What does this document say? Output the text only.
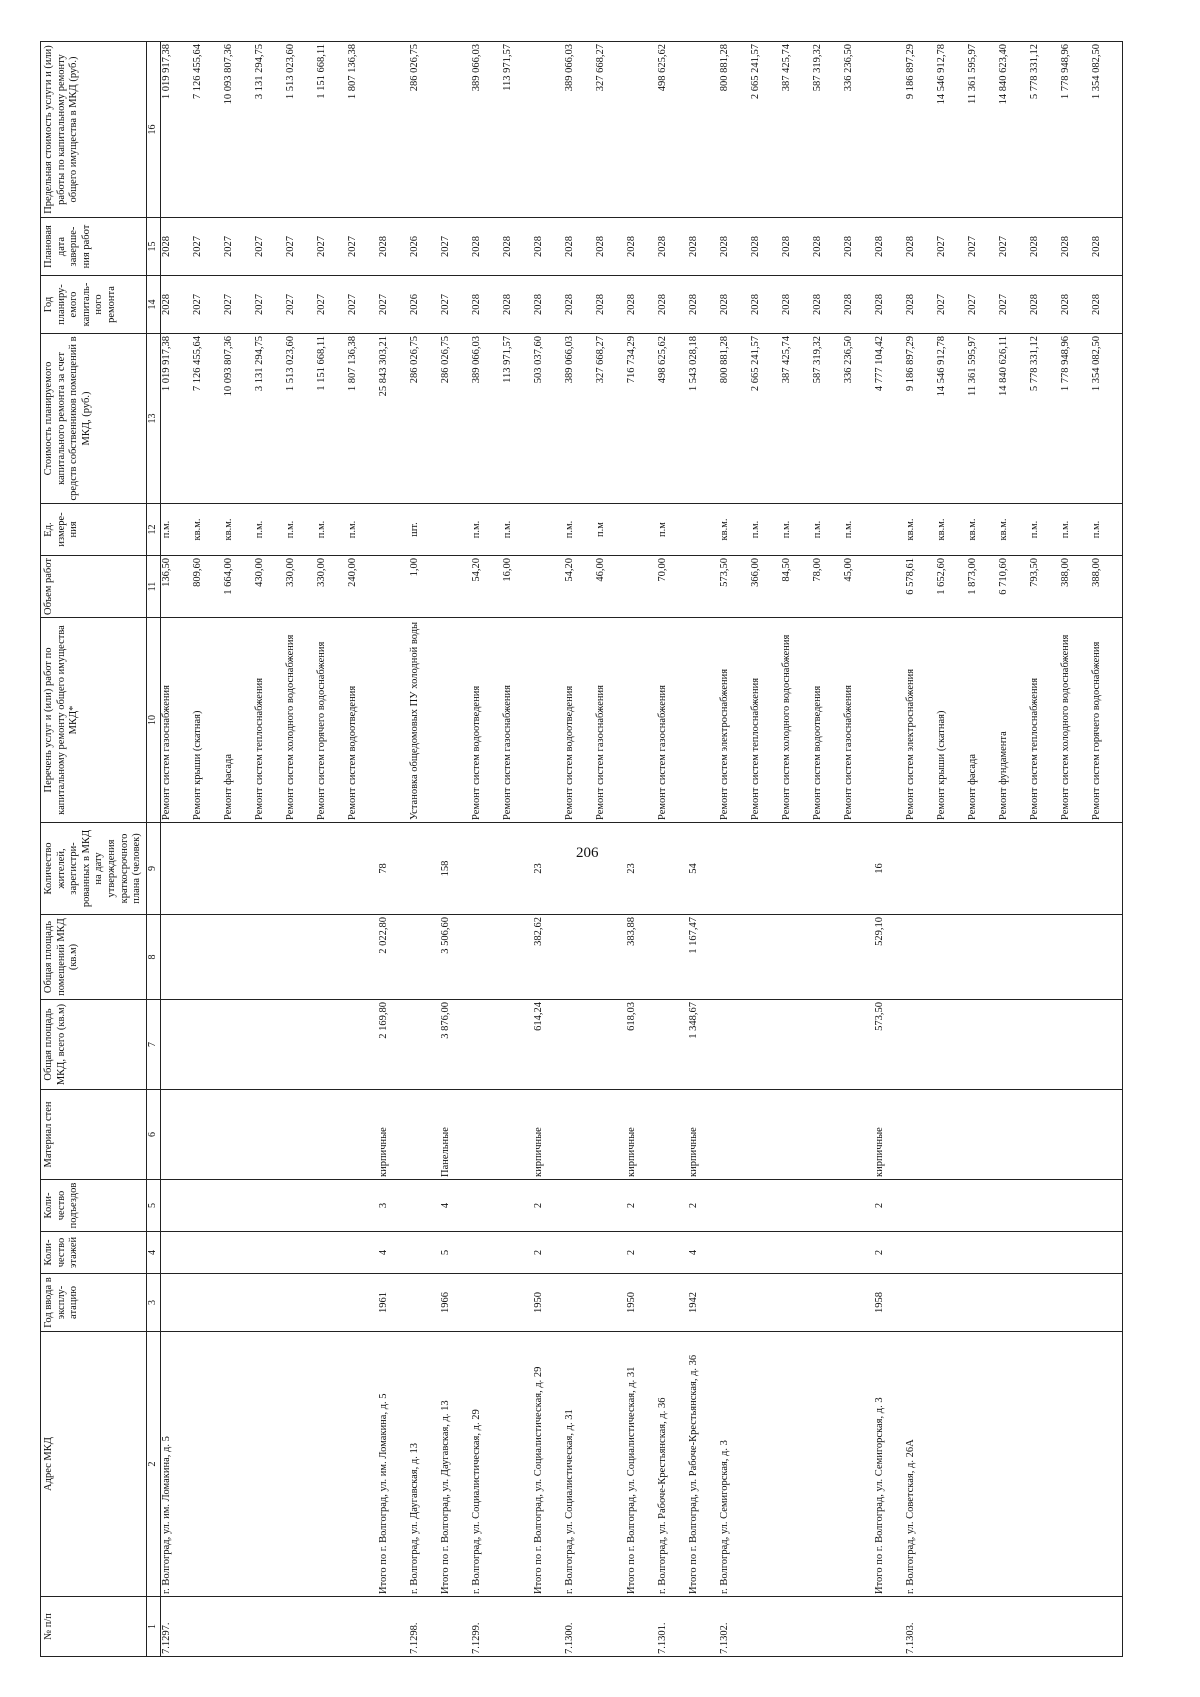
206
№ п/п	Адрес МКД	Год ввода в эксплу-атацию	Коли-чество этажей	Коли-чество подъездов	Материал стен	Общая площадь МКД, всего (кв.м)	Общая площадь помещений МКД (кв.м)	Количество жителей, зарегистри-рованных в МКД на дату утверждения краткосрочного плана (человек)	Перечень услуг и (или) работ по капитальному ремонту общего имущества МКД*	Объем работ	Ед. измере-ния	Стоимость планируемого капитального ремонта за счет средств собственников помещений в МКД, (руб.)	Год планиру-емого капиталь-ного ремонта	Плановая дата заверше-ния работ	Предельная стоимость услуги и (или) работы по капитальному ремонту общего имущества в МКД (руб.)
1	2	3	4	5	6	7	8	9	10	11	12	13	14	15	16
7.1297.	г. Волгоград, ул. им. Ломакина, д. 5								Ремонт систем газоснабжения	136,50	п.м.	1 019 917,38	2028	2028	1 019 917,38
									Ремонт крыши (скатная)	809,60	кв.м.	7 126 455,64	2027	2027	7 126 455,64
									Ремонт фасада	1 664,00	кв.м.	10 093 807,36	2027	2027	10 093 807,36
									Ремонт систем теплоснабжения	430,00	п.м.	3 131 294,75	2027	2027	3 131 294,75
									Ремонт систем холодного водоснабжения	330,00	п.м.	1 513 023,60	2027	2027	1 513 023,60
									Ремонт систем горячего водоснабжения	330,00	п.м.	1 151 668,11	2027	2027	1 151 668,11
									Ремонт систем водоотведения	240,00	п.м.	1 807 136,38	2027	2027	1 807 136,38
	Итого по г. Волгоград, ул. им. Ломакина, д. 5	1961	4	3	кирпичные	2 169,80	2 022,80	78				25 843 303,21	2027	2028	
7.1298.	г. Волгоград, ул. Даугавская, д. 13								Установка общедомовых ПУ холодной воды	1,00	шт.	286 026,75	2026	2026	286 026,75
	Итого по г. Волгоград, ул. Даугавская, д. 13	1966	5	4	Панельные	3 876,00	3 506,60	158				286 026,75	2027	2027	
7.1299.	г. Волгоград, ул. Социалистическая, д. 29								Ремонт систем водоотведения	54,20	п.м.	389 066,03	2028	2028	389 066,03
									Ремонт систем газоснабжения	16,00	п.м.	113 971,57	2028	2028	113 971,57
	Итого по г. Волгоград, ул. Социалистическая, д. 29	1950	2	2	кирпичные	614,24	382,62	23				503 037,60	2028	2028	
7.1300.	г. Волгоград, ул. Социалистическая, д. 31								Ремонт систем водоотведения	54,20	п.м.	389 066,03	2028	2028	389 066,03
									Ремонт систем газоснабжения	46,00	п.м	327 668,27	2028	2028	327 668,27
	Итого по г. Волгоград, ул. Социалистическая, д. 31	1950	2	2	кирпичные	618,03	383,88	23				716 734,29	2028	2028	
7.1301.	г. Волгоград, ул. Рабоче-Крестьянская, д. 36								Ремонт систем газоснабжения	70,00	п.м	498 625,62	2028	2028	498 625,62
	Итого по г. Волгоград, ул. Рабоче-Крестьянская, д. 36	1942	4	2	кирпичные	1 348,67	1 167,47	54				1 543 028,18	2028	2028	
7.1302.	г. Волгоград, ул. Семигорская, д. 3								Ремонт систем электроснабжения	573,50	кв.м.	800 881,28	2028	2028	800 881,28
									Ремонт систем теплоснабжения	366,00	п.м.	2 665 241,57	2028	2028	2 665 241,57
									Ремонт систем холодного водоснабжения	84,50	п.м.	387 425,74	2028	2028	387 425,74
									Ремонт систем водоотведения	78,00	п.м.	587 319,32	2028	2028	587 319,32
									Ремонт систем газоснабжения	45,00	п.м.	336 236,50	2028	2028	336 236,50
	Итого по г. Волгоград, ул. Семигорская, д. 3	1958	2	2	кирпичные	573,50	529,10	16				4 777 104,42	2028	2028	
7.1303.	г. Волгоград, ул. Советская, д. 26А								Ремонт систем электроснабжения	6 578,61	кв.м.	9 186 897,29	2028	2028	9 186 897,29
									Ремонт крыши (скатная)	1 652,60	кв.м.	14 546 912,78	2027	2027	14 546 912,78
									Ремонт фасада	1 873,00	кв.м.	11 361 595,97	2027	2027	11 361 595,97
									Ремонт фундамента	6 710,60	кв.м.	14 840 626,11	2027	2027	14 840 623,40
									Ремонт систем теплоснабжения	793,50	п.м.	5 778 331,12	2028	2028	5 778 331,12
									Ремонт систем холодного водоснабжения	388,00	п.м.	1 778 948,96	2028	2028	1 778 948,96
									Ремонт систем горячего водоснабжения	388,00	п.м.	1 354 082,50	2028	2028	1 354 082,50
